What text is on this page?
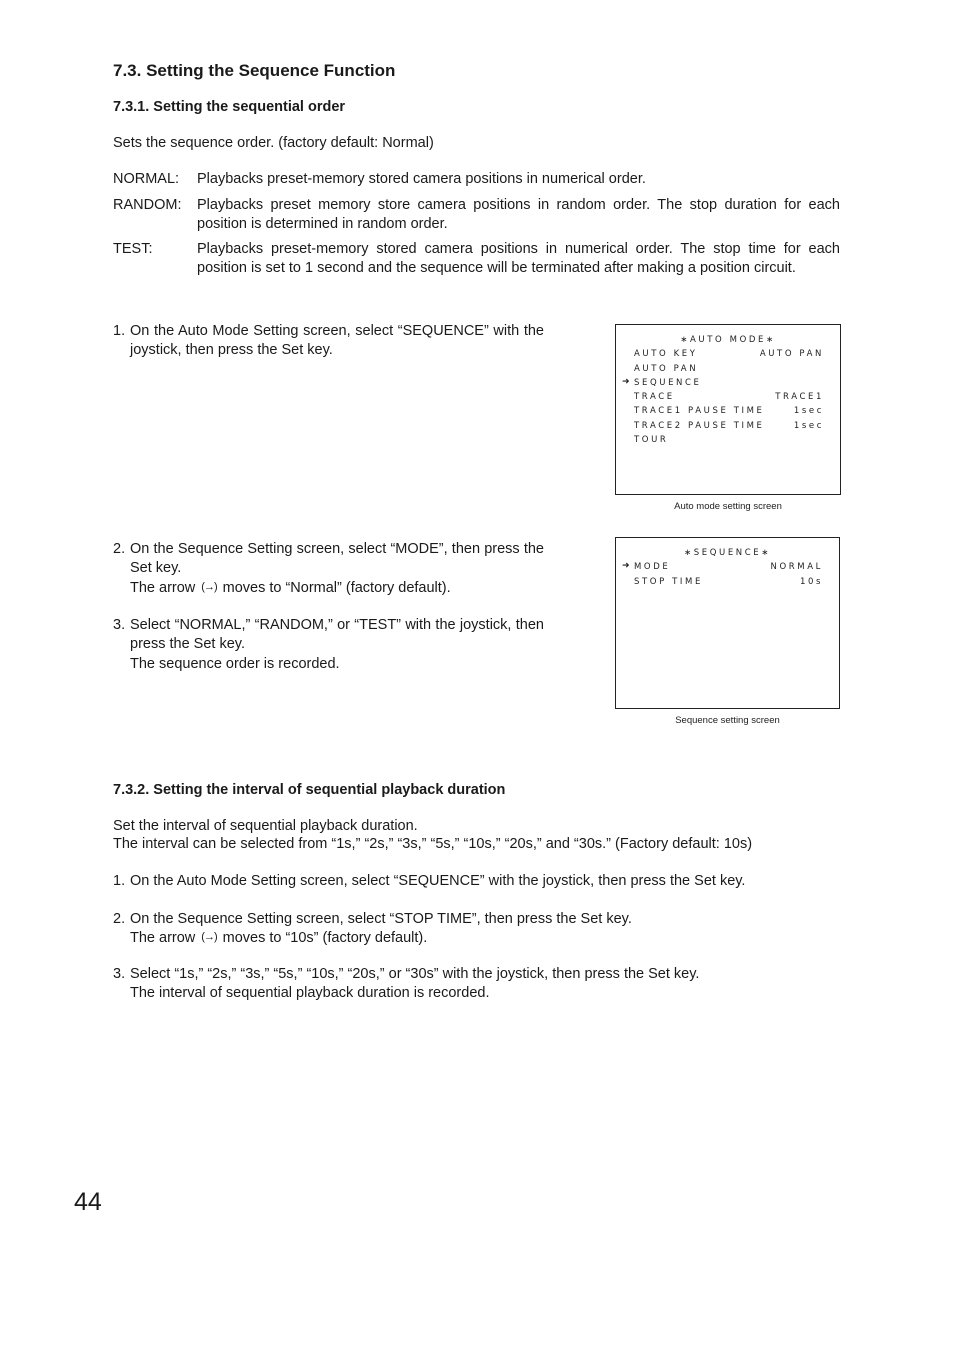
7.3. Setting the Sequence Function
7.3.1. Setting the sequential order

Sets the sequence order. (factory default: Normal)

NORMAL: Playbacks preset-memory stored camera positions in numerical order.
RANDOM: Playbacks preset memory store camera positions in random order. The stop duration for each position is determined in random order.
TEST:	Playbacks preset-memory stored camera positions in numerical order. The stop time for each position is set to 1 second and the sequence will be terminated after making a position circuit.
1. On the Auto Mode Setting screen, select “SEQUENCE” with the joystick, then press the Set key.
2. On the Sequence Setting screen, select “MODE”, then press the Set key.
The arrow (→) moves to “Normal” (factory default).
3. Select “NORMAL,” “RANDOM,” or “TEST” with the joystick, then press the Set key.
The sequence order is recorded.
∗AUTO MODE∗
AUTO KEY	AUTO PAN
AUTO PAN
➜ SEQUENCE
TRACE	TRACE1
TRACE1 PAUSE TIME	1sec
TRACE2 PAUSE TIME	1sec
TOUR
Auto mode setting screen
∗SEQUENCE∗
➜ MODE	NORMAL
STOP TIME	10s
Sequence setting screen
7.3.2. Setting the interval of sequential playback duration

Set the interval of sequential playback duration.

The interval can be selected from “1s,” “2s,” “3s,” “5s,” “10s,” “20s,” and “30s.” (Factory default: 10s)

1. On the Auto Mode Setting screen, select “SEQUENCE” with the joystick, then press the Set key.
2. On the Sequence Setting screen, select “STOP TIME”, then press the Set key.
The arrow (→) moves to “10s” (factory default).
3. Select “1s,” “2s,” “3s,” “5s,” “10s,” “20s,” or “30s” with the joystick, then press the Set key.
The interval of sequential playback duration is recorded.
44
